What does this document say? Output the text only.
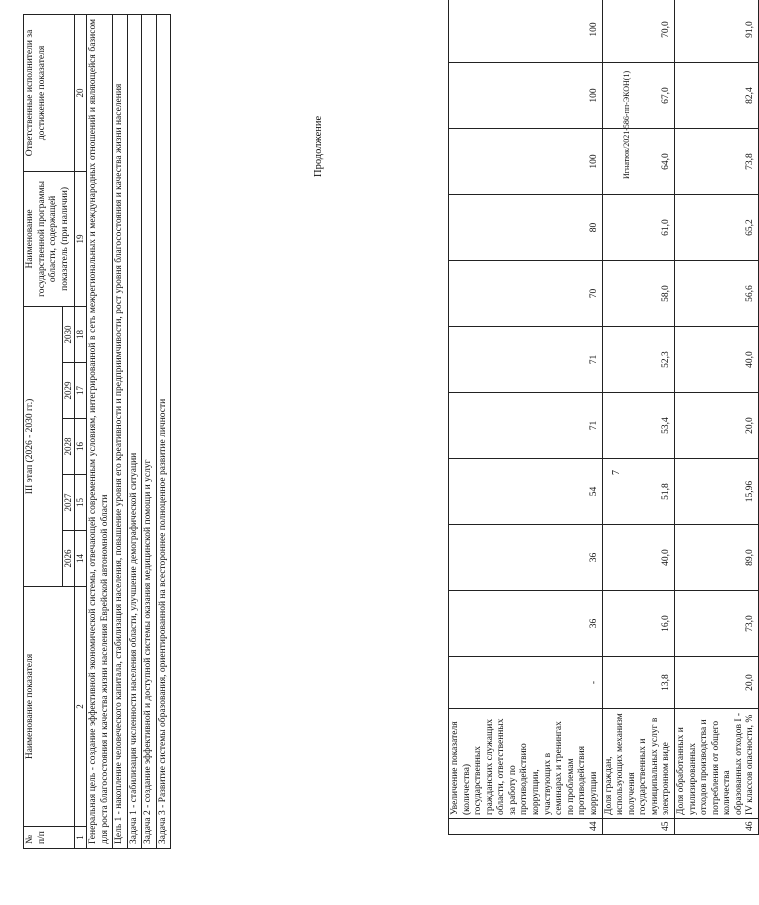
7
Продолжение	Игнатюк/2021-586-пп-ЭКОН(1)
44	Увеличение показателя (количества) государственных гражданских служащих области, ответственных за работу по противодействию коррупции, участвующих в семинарах и тренингах по проблемам противодействия коррупции	-	36	36	54	71	71	70	80	100	100	100
45	Доля граждан, использующих механизм получения государственных и муниципальных услуг в электронном виде	13,8	16,0	40,0	51,8	53,4	52,3	58,0	61,0	64,0	67,0	70,0
46	Доля обработанных и утилизированных отходов производства и потребления от общего количества образованных отходов I - IV классов опасности, %	20,0	73,0	89,0	15,96	20,0	40,0	56,6	65,2	73,8	82,4	91,0
№ п/п	Наименование показателя	III этап (2026 - 2030 гг.)					Наименование государственной программы области, содержащей показатель (при наличии)	Ответственные исполнители за достижение показателя
		2026	2027	2028	2029	2030		
1	2	14	15	16	17	18	19	20
Генеральная цель - создание эффективной экономической системы, отвечающей современным условиям, интегрированной в сеть межрегиональных и международных отношений и являющейся базисом для роста благосостояния и качества жизни населения Еврейской автономной области								
Цель 1 - накопление человеческого капитала, стабилизация населения, повышение уровня его креативности и предприимчивости, рост уровня благосостояния и качества жизни населения								
Задача 1 - стабилизация численности населения области, улучшение демографической ситуации								
Задача 2 - создание эффективной и доступной системы оказания медицинской помощи и услуг								
Задача 3 - Развитие системы образования, ориентированной на всестороннее полноценное развитие личности								
